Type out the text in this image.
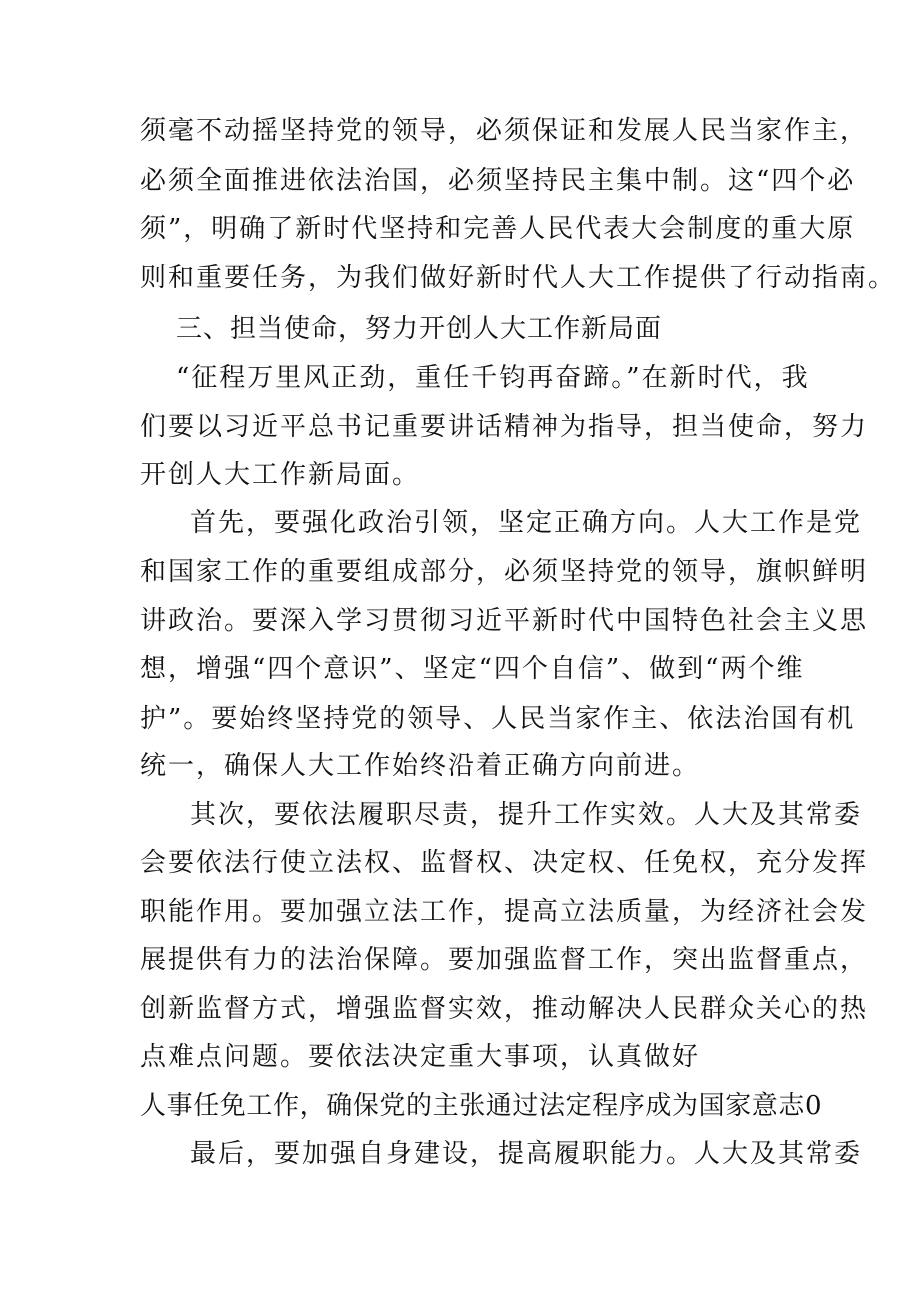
须毫不动摇坚持党的领导，必须保证和发展人民当家作主，
必须全面推进依法治国，必须坚持民主集中制。这“四个必
须”，明确了新时代坚持和完善人民代表大会制度的重大原
则和重要任务，为我们做好新时代人大工作提供了行动指南。
三、担当使命，努力开创人大工作新局面
“征程万里风正劲，重任千钧再奋蹄。”在新时代，我
们要以习近平总书记重要讲话精神为指导，担当使命，努力
开创人大工作新局面。
首先，要强化政治引领，坚定正确方向。人大工作是党
和国家工作的重要组成部分，必须坚持党的领导，旗帜鲜明
讲政治。要深入学习贯彻习近平新时代中国特色社会主义思
想，增强“四个意识”、坚定“四个自信”、做到“两个维
护”。要始终坚持党的领导、人民当家作主、依法治国有机
统一，确保人大工作始终沿着正确方向前进。
其次，要依法履职尽责，提升工作实效。人大及其常委
会要依法行使立法权、监督权、决定权、任免权，充分发挥
职能作用。要加强立法工作，提高立法质量，为经济社会发
展提供有力的法治保障。要加强监督工作，突出监督重点，
创新监督方式，增强监督实效，推动解决人民群众关心的热
点难点问题。要依法决定重大事项，认真做好
人事任免工作，确保党的主张通过法定程序成为国家意志0
最后，要加强自身建设，提高履职能力。人大及其常委
